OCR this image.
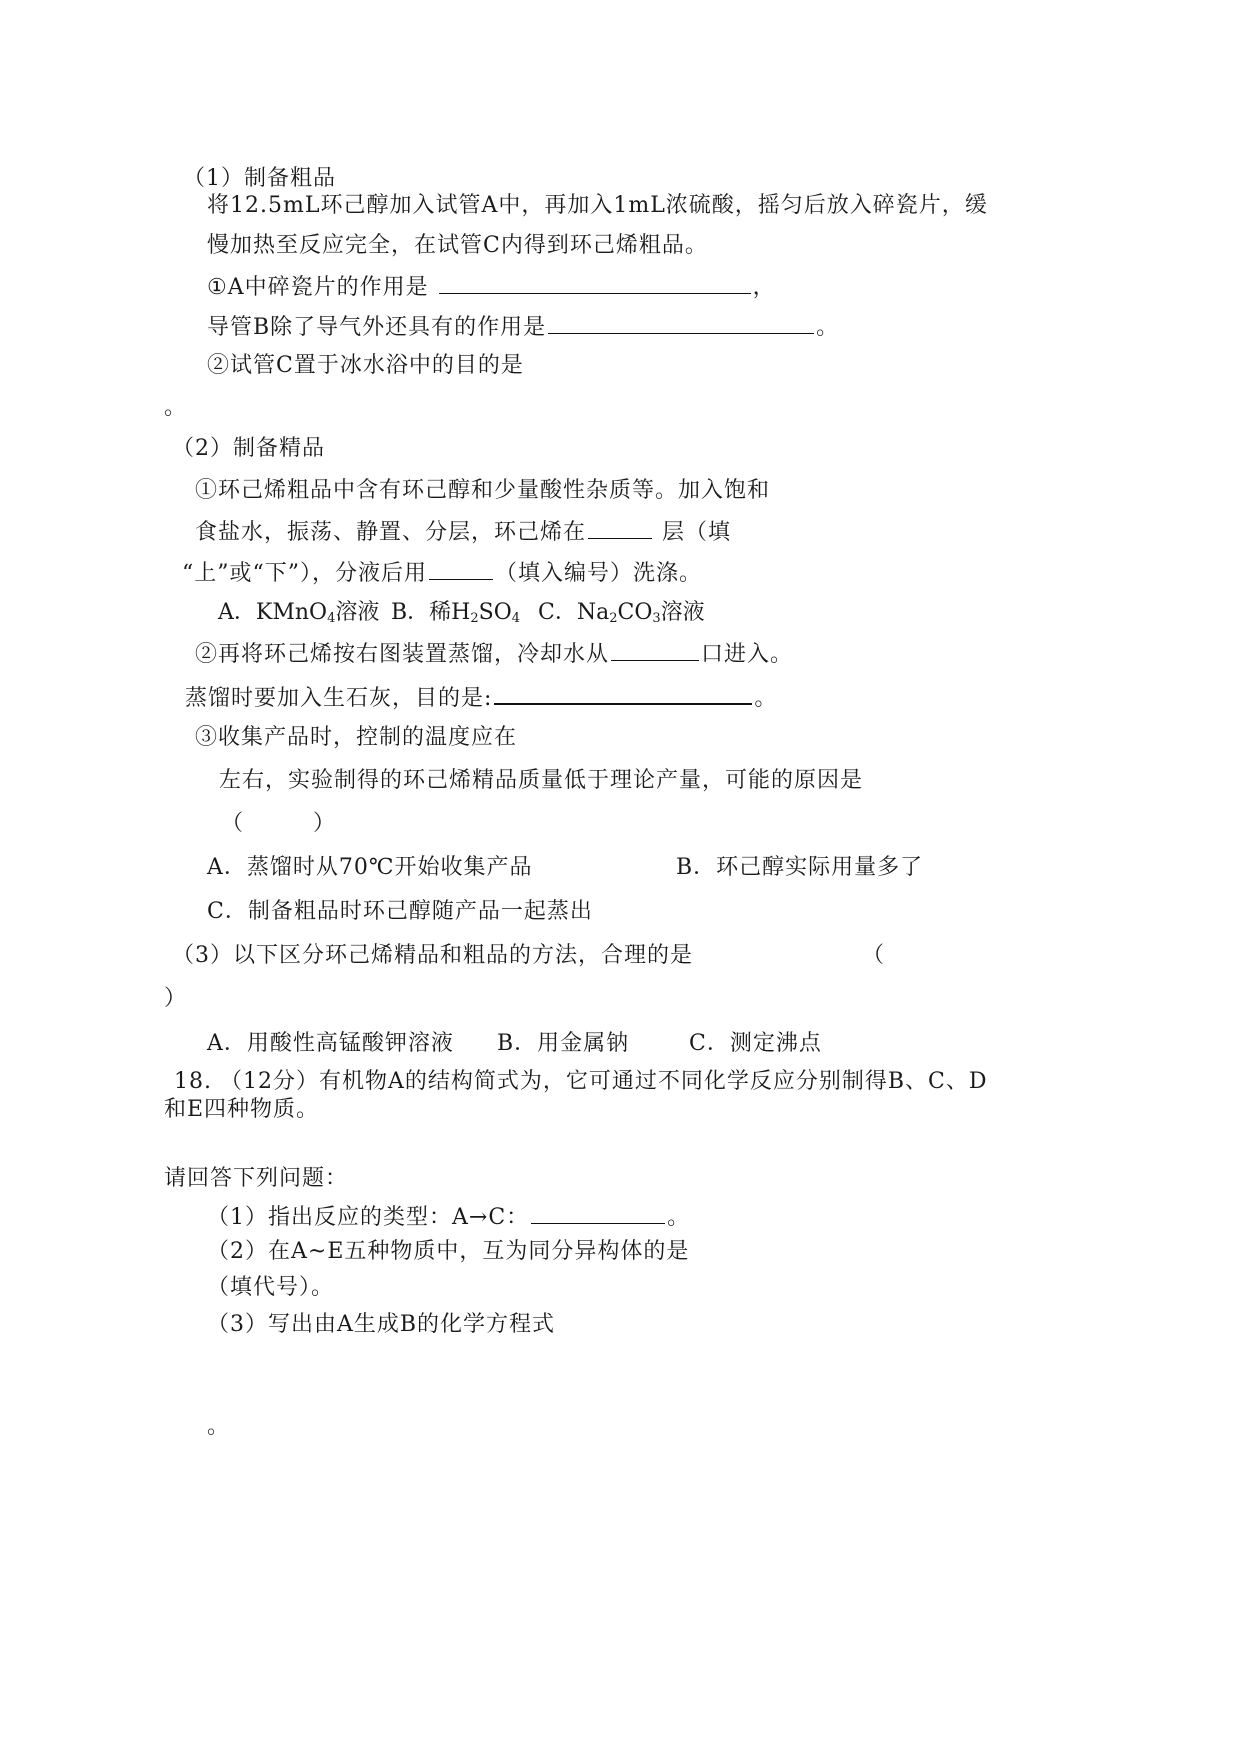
（1）制备粗品
将12.5mL环己醇加入试管A中，再加入1mL浓硫酸，摇匀后放入碎瓷片，缓
慢加热至反应完全，在试管C内得到环己烯粗品。
①A中碎瓷片的作用是	，
导管B除了导气外还具有的作用是	。
②试管C置于冰水浴中的目的是
。
（2）制备精品
①环己烯粗品中含有环己醇和少量酸性杂质等。加入饱和
食盐水，振荡、静置、分层，环己烯在	层（填
“上”或“下”），分液后用	（填入编号）洗涤。
A．KMnO$_4$溶液 B．稀$H_2SO_4$ C．$Na_2CO_3$溶液
②再将环己烯按右图装置蒸馏，冷却水从	口进入。
蒸馏时要加入生石灰，目的是:	。
③收集产品时，控制的温度应在
左右，实验制得的环己烯精品质量低于理论产量，可能的原因是
（　　　）
A．蒸馏时从70℃开始收集产品	B．环己醇实际用量多了
C．制备粗品时环己醇随产品一起蒸出
（3）以下区分环己烯精品和粗品的方法，合理的是	（
）
A．用酸性高锰酸钾溶液 B．用金属钠	C．测定沸点
18. （12分）有机物A的结构简式为，它可通过不同化学反应分别制得B、C、D
和E四种物质。
请回答下列问题：
（1）指出反应的类型：A→C：	。
（2）在A~E五种物质中，互为同分异构体的是
（填代号）。
（3）写出由A生成B的化学方程式
。
